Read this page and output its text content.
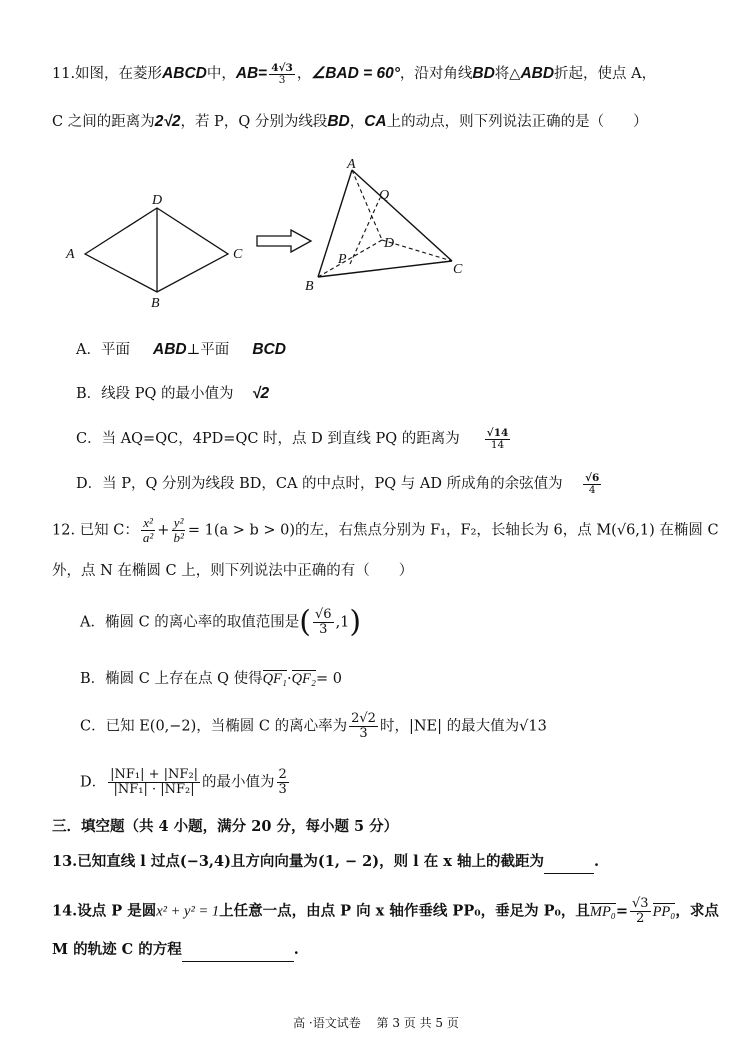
11.如图，在菱形ABCD中，$AB= \frac{4√3}{3}$ ，∠BAD = 60°，沿对角线BD将△ABD折起，使点 A，
C 之间的距离为2√2，若 P，Q 分别为线段BD，CA上的动点，则下列说法正确的是（　　）
A
B
C
D
A
B
C
D
P
Q
A．平面 ABD⊥平面 BCD
B．线段 PQ 的最小值为 √2
C．当 AQ=QC，4PD=QC 时，点 D 到直线 PQ 的距离为 $\frac{√14}{14}$
D．当 P，Q 分别为线段 BD，CA 的中点时，PQ 与 AD 所成角的余弦值为 $\frac{√6}{4}$
12. 已知 C： $\frac{\text{x²}}{\text{a²}} + \frac{\text{y²}}{\text{b²}} = 1(a > b > 0)$的左，右焦点分别为 F₁，F₂，长轴长为 6，点 M(√6,1) 在椭圆 C
外，点 N 在椭圆 C 上，则下列说法中正确的有（　　）
A．椭圆 C 的离心率的取值范围是( $\frac{√6}{3} ,1$)
B．椭圆 C 上存在点 Q 使得QF₁·QF₂= 0
C．已知 E(0,−2)，当椭圆 C 的离心率为 $\frac{2√2}{3}$ 时，|NE| 的最大值为√13
D． $\frac{\text{|NF₁| + |NF₂|}}{\text{|NF₁| · |NF₂|}}$ 的最小值为 $\frac{2}{3}$
三．填空题（共 4 小题，满分 20 分，每小题 5 分）
13.已知直线 l 过点(−3,4)且方向向量为(1, − 2)，则 l 在 x 轴上的截距为	.
14.设点 P 是圆x² + y² = 1上任意一点，由点 P 向 x 轴作垂线 PP₀，垂足为 P₀，且$MP_0= \frac{√3}{2} PP_0$，求点
M 的轨迹 C 的方程	.
高 ·语文试卷　 第 3 页 共 5 页
